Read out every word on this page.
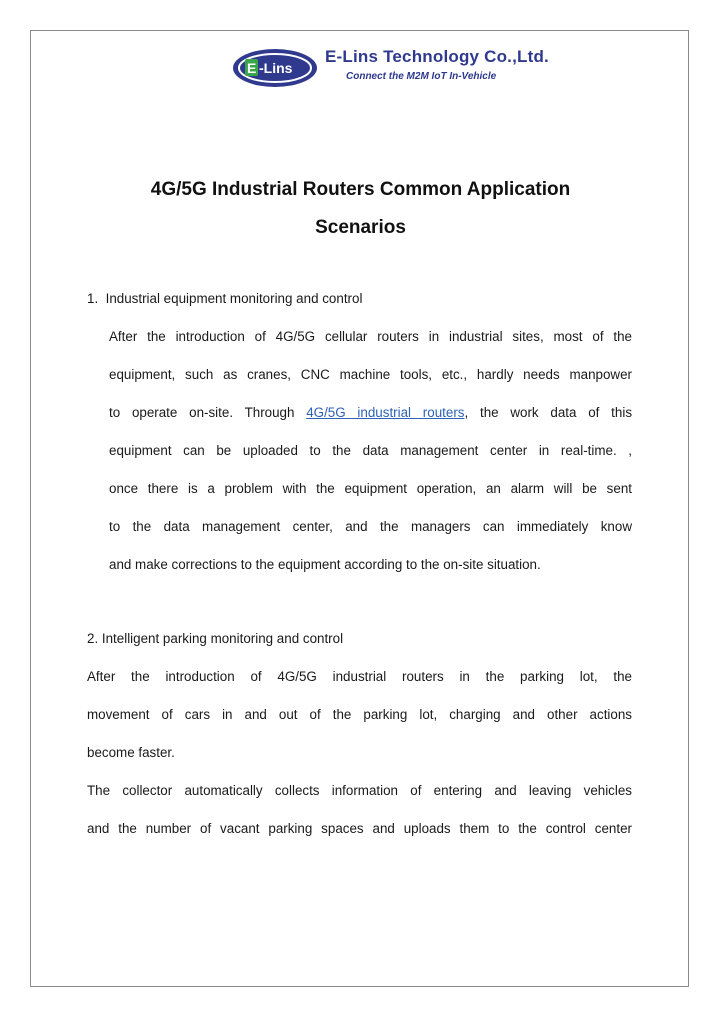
E -Lins
E-Lins Technology Co.,Ltd.
Connect the M2M IoT In-Vehicle
4G/5G Industrial Routers Common Application
Scenarios
1. Industrial equipment monitoring and control
After the introduction of 4G/5G cellular routers in industrial sites, most of the
equipment, such as cranes, CNC machine tools, etc., hardly needs manpower
to operate on-site. Through 4G/5G industrial routers, the work data of this
equipment can be uploaded to the data management center in real-time. ,
once there is a problem with the equipment operation, an alarm will be sent
to the data management center, and the managers can immediately know
and make corrections to the equipment according to the on-site situation.
2. Intelligent parking monitoring and control
After the introduction of 4G/5G industrial routers in the parking lot, the
movement of cars in and out of the parking lot, charging and other actions
become faster.
The collector automatically collects information of entering and leaving vehicles
and the number of vacant parking spaces and uploads them to the control center
